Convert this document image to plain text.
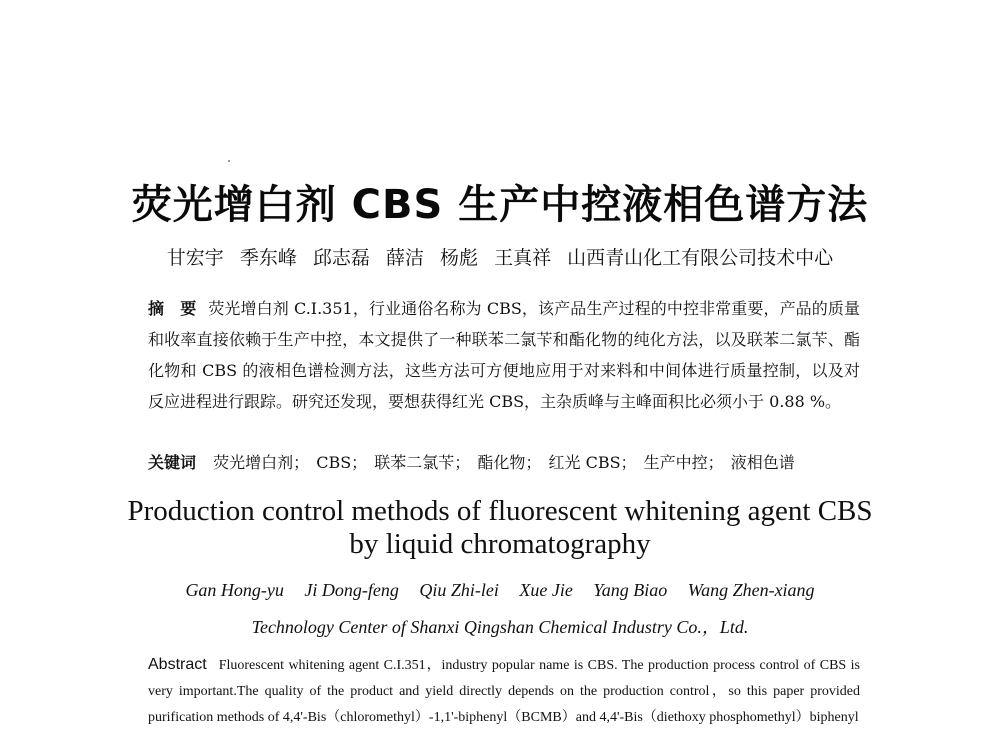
荧光增白剂 CBS 生产中控液相色谱方法
甘宏宇 季东峰 邱志磊 薛洁 杨彪 王真祥 山西青山化工有限公司技术中心
摘　要 荧光增白剂 C.I.351，行业通俗名称为 CBS，该产品生产过程的中控非常重要，产品的质量和收率直接依赖于生产中控，本文提供了一种联苯二氯苄和酯化物的纯化方法，以及联苯二氯苄、酯化物和 CBS 的液相色谱检测方法，这些方法可方便地应用于对来料和中间体进行质量控制，以及对反应进程进行跟踪。研究还发现，要想获得红光 CBS，主杂质峰与主峰面积比必须小于 0.88 %。
关键词 荧光增白剂； CBS； 联苯二氯苄； 酯化物； 红光 CBS； 生产中控； 液相色谱
Production control methods of fluorescent whitening agent CBS
by liquid chromatography
Gan Hong-yu Ji Dong-feng Qiu Zhi-lei Xue Jie Yang Biao Wang Zhen-xiang
Technology Center of Shanxi Qingshan Chemical Industry Co.，Ltd.
Abstract Fluorescent whitening agent C.I.351，industry popular name is CBS. The production process control of CBS is very important.The quality of the product and yield directly depends on the production control，so this paper provided purification methods of 4,4'-Bis（chloromethyl）-1,1'-biphenyl（BCMB）and 4,4'-Bis（diethoxy phosphomethyl）biphenyl
